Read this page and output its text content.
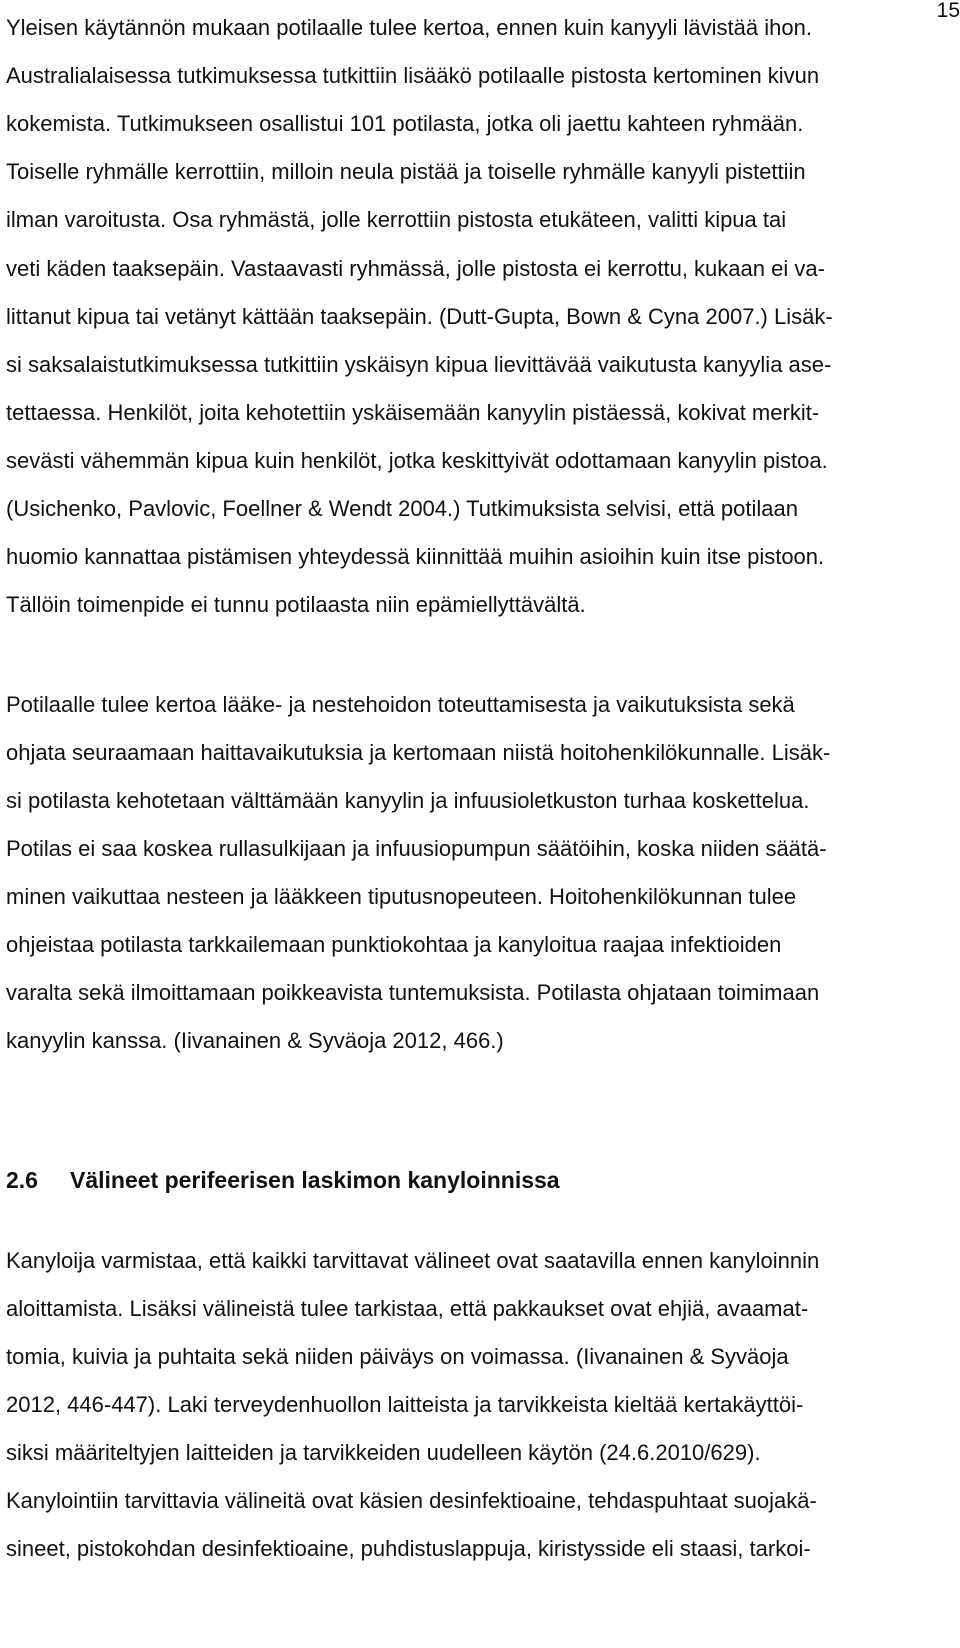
15
Yleisen käytännön mukaan potilaalle tulee kertoa, ennen kuin kanyyli lävistää ihon.
Australialaisessa tutkimuksessa tutkittiin lisääkö potilaalle pistosta kertominen kivun
kokemista. Tutkimukseen osallistui 101 potilasta, jotka oli jaettu kahteen ryhmään.
Toiselle ryhmälle kerrottiin, milloin neula pistää ja toiselle ryhmälle kanyyli pistettiin
ilman varoitusta. Osa ryhmästä, jolle kerrottiin pistosta etukäteen, valitti kipua tai
veti käden taaksepäin. Vastaavasti ryhmässä, jolle pistosta ei kerrottu, kukaan ei va-
littanut kipua tai vetänyt kättään taaksepäin. (Dutt-Gupta, Bown & Cyna 2007.) Lisäk-
si saksalaistutkimuksessa tutkittiin yskäisyn kipua lievittävää vaikutusta kanyylia ase-
tettaessa. Henkilöt, joita kehotettiin yskäisemään kanyylin pistäessä, kokivat merkit-
sevästi vähemmän kipua kuin henkilöt, jotka keskittyivät odottamaan kanyylin pistoa.
(Usichenko, Pavlovic, Foellner & Wendt 2004.) Tutkimuksista selvisi, että potilaan
huomio kannattaa pistämisen yhteydessä kiinnittää muihin asioihin kuin itse pistoon.
Tällöin toimenpide ei tunnu potilaasta niin epämiellyttävältä.
Potilaalle tulee kertoa lääke- ja nestehoidon toteuttamisesta ja vaikutuksista sekä
ohjata seuraamaan haittavaikutuksia ja kertomaan niistä hoitohenkilökunnalle. Lisäk-
si potilasta kehotetaan välttämään kanyylin ja infuusioletkuston turhaa koskettelua.
Potilas ei saa koskea rullasulkijaan ja infuusiopumpun säätöihin, koska niiden säätä-
minen vaikuttaa nesteen ja lääkkeen tiputusnopeuteen. Hoitohenkilökunnan tulee
ohjeistaa potilasta tarkkailemaan punktiokohtaa ja kanyloitua raajaa infektioiden
varalta sekä ilmoittamaan poikkeavista tuntemuksista. Potilasta ohjataan toimimaan
kanyylin kanssa. (Iivanainen & Syväoja 2012, 466.)
2.6 Välineet perifeerisen laskimon kanyloinnissa
Kanyloija varmistaa, että kaikki tarvittavat välineet ovat saatavilla ennen kanyloinnin
aloittamista. Lisäksi välineistä tulee tarkistaa, että pakkaukset ovat ehjiä, avaamat-
tomia, kuivia ja puhtaita sekä niiden päiväys on voimassa. (Iivanainen & Syväoja
2012, 446-447). Laki terveydenhuollon laitteista ja tarvikkeista kieltää kertakäyttöi-
siksi määriteltyjen laitteiden ja tarvikkeiden uudelleen käytön (24.6.2010/629).
Kanylointiin tarvittavia välineitä ovat käsien desinfektioaine, tehdaspuhtaat suojakä-
sineet, pistokohdan desinfektioaine, puhdistuslappuja, kiristysside eli staasi, tarkoi-
